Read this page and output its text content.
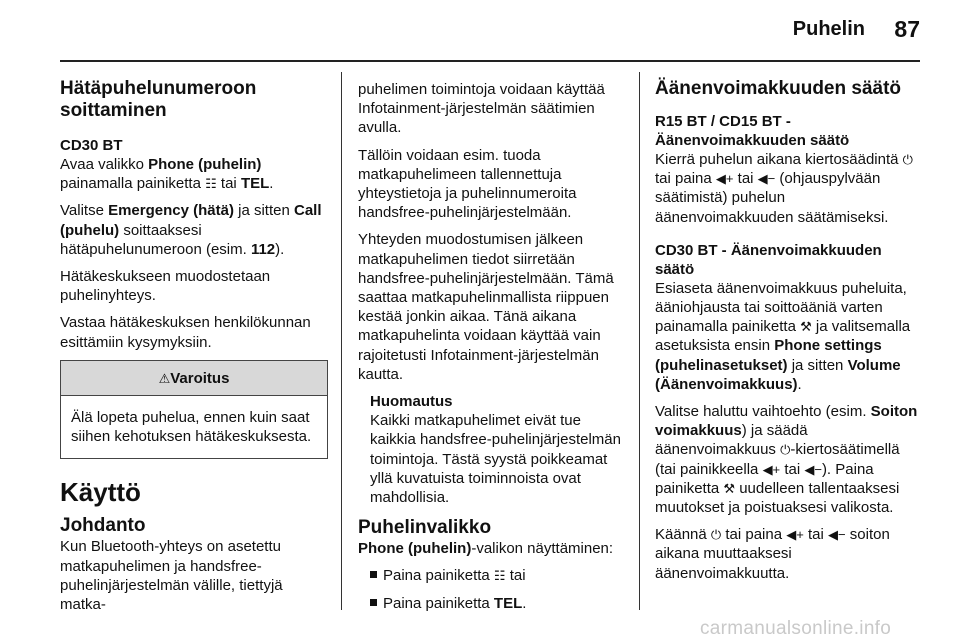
Puhelin	87
Hätäpuhelunumeroon soittaminen
CD30 BT

Avaa valikko Phone (puhelin) painamalla painiketta ☷ tai TEL.

Valitse Emergency (hätä) ja sitten Call (puhelu) soittaaksesi hätäpuhelunumeroon (esim. 112).

Hätäkeskukseen muodostetaan puhelinyhteys.

Vastaa hätäkeskuksen henkilökunnan esittämiin kysymyksiin.

⚠Varoitus
Älä lopeta puhelua, ennen kuin saat siihen kehotuksen hätäkeskuksesta.
Käyttö
Johdanto

Kun Bluetooth-yhteys on asetettu matkapuhelimen ja handsfree-puhelinjärjestelmän välille, tiettyjä matka-

puhelimen toimintoja voidaan käyttää Infotainment-järjestelmän säätimien avulla.

Tällöin voidaan esim. tuoda matkapuhelimeen tallennettuja yhteystietoja ja puhelinnumeroita handsfree-puhelinjärjestelmään.

Yhteyden muodostumisen jälkeen matkapuhelimen tiedot siirretään handsfree-puhelinjärjestelmään. Tämä saattaa matkapuhelinmallista riippuen kestää jonkin aikaa. Tänä aikana matkapuhelinta voidaan käyttää vain rajoitetusti Infotainment-järjestelmän kautta.

Huomautus
Kaikki matkapuhelimet eivät tue kaikkia handsfree-puhelinjärjestelmän toimintoja. Tästä syystä poikkeamat yllä kuvatuista toiminnoista ovat mahdollisia.
Puhelinvalikko

Phone (puhelin)-valikon näyttäminen:

Paina painiketta ☷ tai

Paina painiketta TEL.

Äänenvoimakkuuden säätö
R15 BT / CD15 BT - Äänenvoimakkuuden säätö

Kierrä puhelun aikana kiertosäädintä ⏻ tai paina ◀+ tai ◀− (ohjauspylvään säätimistä) puhelun äänenvoimakkuuden säätämiseksi.

CD30 BT - Äänenvoimakkuuden säätö

Esiaseta äänenvoimakkuus puheluita, ääniohjausta tai soittoääniä varten painamalla painiketta ⚒ ja valitsemalla asetuksista ensin Phone settings (puhelinasetukset) ja sitten Volume (Äänenvoimakkuus).

Valitse haluttu vaihtoehto (esim. Soiton voimakkuus) ja säädä äänenvoimakkuus ⏻-kiertosäätimellä (tai painikkeella ◀+ tai ◀−). Paina painiketta ⚒ uudelleen tallentaaksesi muutokset ja poistuaksesi valikosta.

Käännä ⏻ tai paina ◀+ tai ◀− soiton aikana muuttaaksesi äänenvoimakkuutta.

carmanualsonline.info
